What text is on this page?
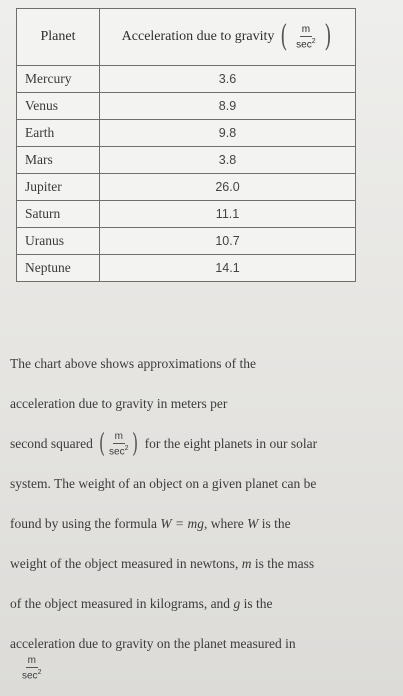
Planet	Acceleration due to gravity ( $\frac{m}{\sec^2}$ )

Mercury	3.6
Venus	8.9
Earth	9.8
Mars	3.8
Jupiter	26.0
Saturn	11.1
Uranus	10.7
Neptune	14.1
The chart above shows approximations of the
acceleration due to gravity in meters per
second squared ( $\frac{m}{\sec^2}$ ) for the eight planets in our solar
system. The weight of an object on a given planet can be
found by using the formula W = mg, where W is the
weight of the object measured in newtons, m is the mass
of the object measured in kilograms, and g is the
acceleration due to gravity on the planet measured in
$\frac{m}{\sec^2}$
